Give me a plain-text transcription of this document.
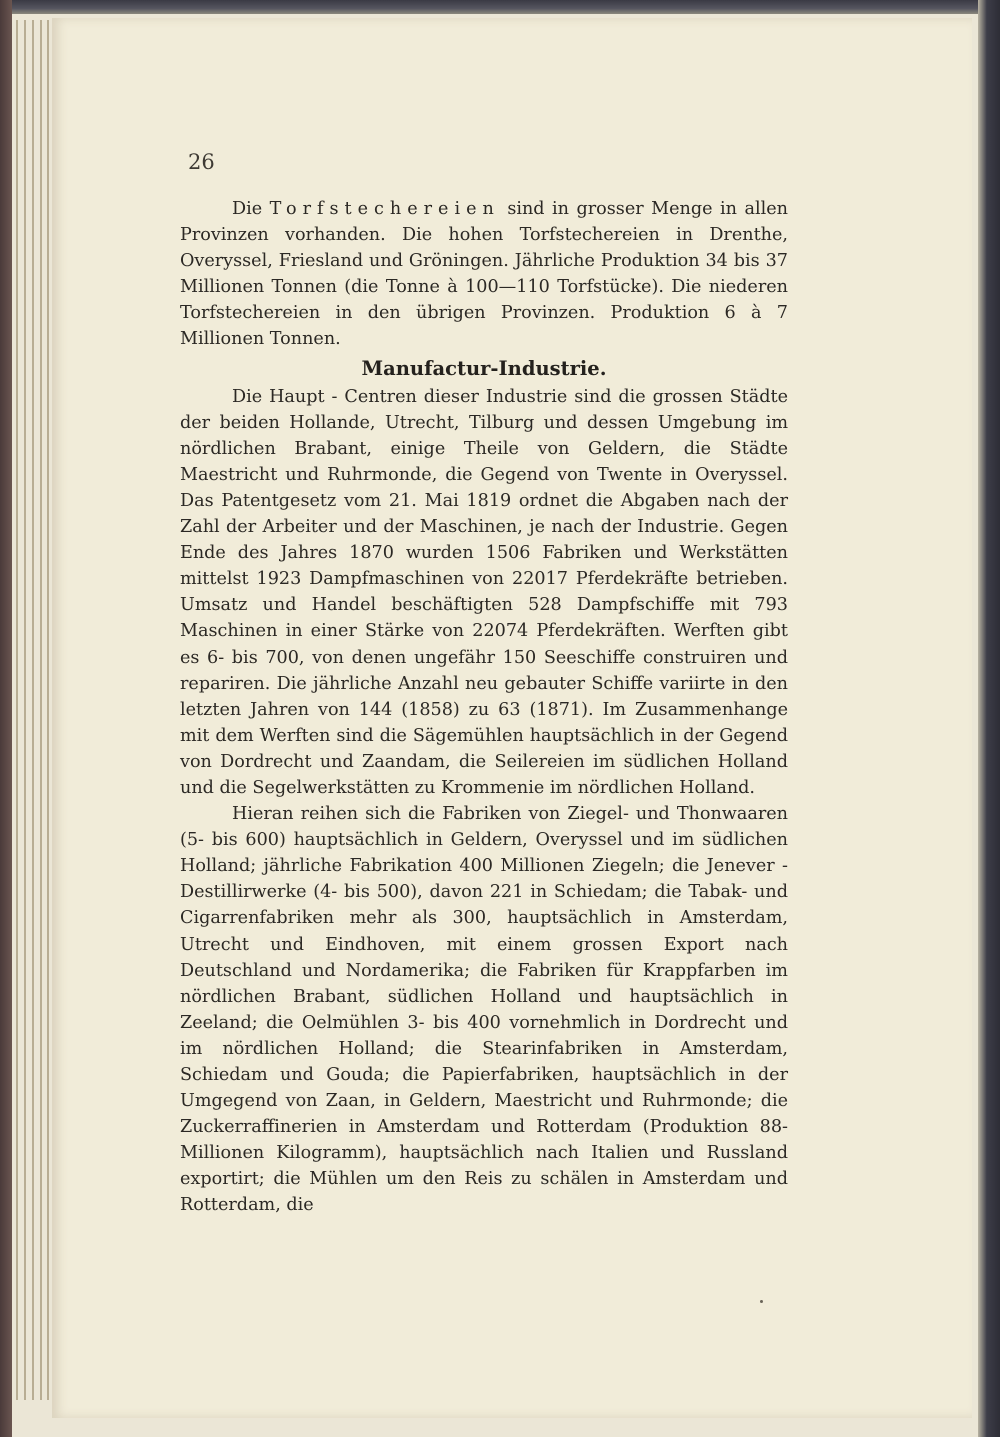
26

Die Torfstechereien sind in grosser Menge in allen Provinzen vorhanden. Die hohen Torfstechereien in Drenthe, Overyssel, Friesland und Gröningen. Jährliche Produktion 34 bis 37 Millionen Tonnen (die Tonne à 100—110 Torfstücke). Die niederen Torfstechereien in den übrigen Provinzen. Produktion 6 à 7 Millionen Tonnen.

Manufactur-Industrie.

Die Haupt - Centren dieser Industrie sind die grossen Städte der beiden Hollande, Utrecht, Tilburg und dessen Umgebung im nördlichen Brabant, einige Theile von Geldern, die Städte Maestricht und Ruhrmonde, die Gegend von Twente in Overyssel. Das Patentgesetz vom 21. Mai 1819 ordnet die Abgaben nach der Zahl der Arbeiter und der Maschinen, je nach der Industrie. Gegen Ende des Jahres 1870 wurden 1506 Fabriken und Werkstätten mittelst 1923 Dampfmaschinen von 22017 Pferdekräfte betrieben. Umsatz und Handel beschäftigten 528 Dampfschiffe mit 793 Maschinen in einer Stärke von 22074 Pferdekräften. Werften gibt es 6- bis 700, von denen ungefähr 150 Seeschiffe construiren und repariren. Die jährliche Anzahl neu gebauter Schiffe variirte in den letzten Jahren von 144 (1858) zu 63 (1871). Im Zusammenhange mit dem Werften sind die Sägemühlen hauptsächlich in der Gegend von Dordrecht und Zaandam, die Seilereien im südlichen Holland und die Segelwerkstätten zu Krommenie im nördlichen Holland.

Hieran reihen sich die Fabriken von Ziegel- und Thonwaaren (5- bis 600) hauptsächlich in Geldern, Overyssel und im südlichen Holland; jährliche Fabrikation 400 Millionen Ziegeln; die Jenever - Destillirwerke (4- bis 500), davon 221 in Schiedam; die Tabak- und Cigarrenfabriken mehr als 300, hauptsächlich in Amsterdam, Utrecht und Eindhoven, mit einem grossen Export nach Deutschland und Nordamerika; die Fabriken für Krappfarben im nördlichen Brabant, südlichen Holland und hauptsächlich in Zeeland; die Oelmühlen 3- bis 400 vornehmlich in Dordrecht und im nördlichen Holland; die Stearinfabriken in Amsterdam, Schiedam und Gouda; die Papierfabriken, hauptsächlich in der Umgegend von Zaan, in Geldern, Maestricht und Ruhrmonde; die Zuckerraffinerien in Amsterdam und Rotterdam (Produktion 88-Millionen Kilogramm), hauptsächlich nach Italien und Russland exportirt; die Mühlen um den Reis zu schälen in Amsterdam und Rotterdam, die
